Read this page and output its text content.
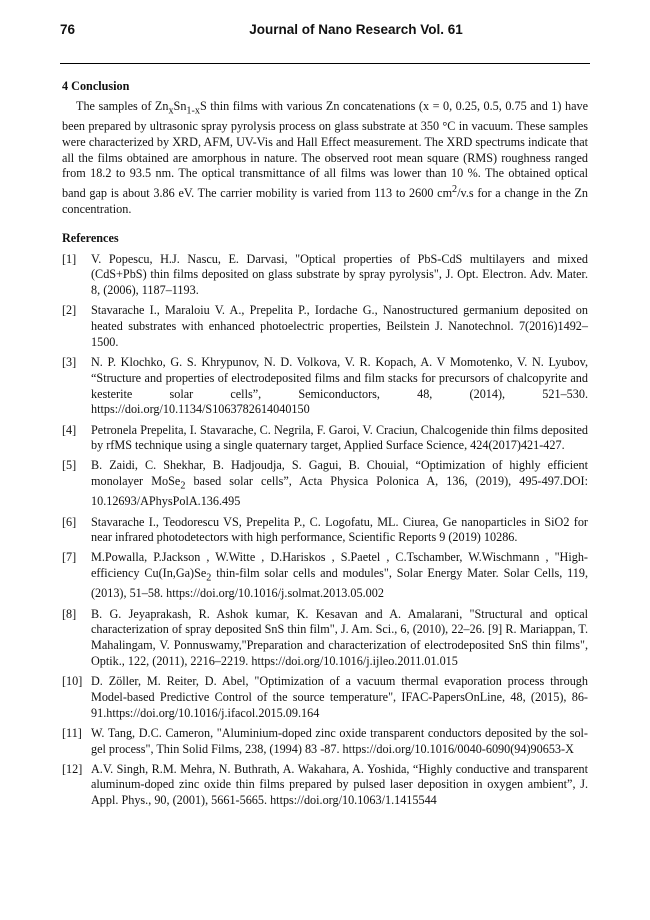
76	Journal of Nano Research Vol. 61
4 Conclusion

The samples of $Zn_xSn_{1-x}S$ thin films with various Zn concatenations (x = 0, 0.25, 0.5, 0.75 and 1) have been prepared by ultrasonic spray pyrolysis process on glass substrate at 350 °C in vacuum. These samples were characterized by XRD, AFM, UV-Vis and Hall Effect measurement. The XRD spectrums indicate that all the films obtained are amorphous in nature. The observed root mean square (RMS) roughness ranged from 18.2 to 93.5 nm. The optical transmittance of all films was lower than 10 %. The obtained optical band gap is about 3.86 eV. The carrier mobility is varied from 113 to 2600 $cm^2/v.s$ for a change in the Zn concentration.

References
[1] V. Popescu, H.J. Nascu, E. Darvasi, "Optical properties of PbS-CdS multilayers and mixed (CdS+PbS) thin films deposited on glass substrate by spray pyrolysis", J. Opt. Electron. Adv. Mater. 8, (2006), 1187–1193.
[2] Stavarache I., Maraloiu V. A., Prepelita P., Iordache G., Nanostructured germanium deposited on heated substrates with enhanced photoelectric properties, Beilstein J. Nanotechnol. 7(2016)1492–1500.
[3] N. P. Klochko, G. S. Khrypunov, N. D. Volkova, V. R. Kopach, A. V Momotenko, V. N. Lyubov, “Structure and properties of electrodeposited films and film stacks for precursors of chalcopyrite and kesterite solar cells”, Semiconductors, 48, (2014), 521–530. https://doi.org/10.1134/S1063782614040150
[4] Petronela Prepelita, I. Stavarache, C. Negrila, F. Garoi, V. Craciun, Chalcogenide thin films deposited by rfMS technique using a single quaternary target, Applied Surface Science, 424(2017)421-427.
[5] B. Zaidi, C. Shekhar, B. Hadjoudja, S. Gagui, B. Chouial, “Optimization of highly efficient monolayer MoSe$_2$ based solar cells”, Acta Physica Polonica A, 136, (2019), 495-497.DOI: 10.12693/APhysPolA.136.495
[6] Stavarache I., Teodorescu VS, Prepelita P., C. Logofatu, ML. Ciurea, Ge nanoparticles in SiO2 for near infrared photodetectors with high performance, Scientific Reports 9 (2019) 10286.
[7] M.Powalla, P.Jackson , W.Witte , D.Hariskos , S.Paetel , C.Tschamber, W.Wischmann , "High-efficiency $Cu(In,Ga)Se_2$ thin-film solar cells and modules", Solar Energy Mater. Solar Cells, 119, (2013), 51–58. https://doi.org/10.1016/j.solmat.2013.05.002
[8] B. G. Jeyaprakash, R. Ashok kumar, K. Kesavan and A. Amalarani, "Structural and optical characterization of spray deposited SnS thin film", J. Am. Sci., 6, (2010), 22–26. [9] R. Mariappan, T. Mahalingam, V. Ponnuswamy,"Preparation and characterization of electrodeposited SnS thin films", Optik., 122, (2011), 2216–2219. https://doi.org/10.1016/j.ijleo.2011.01.015
[10] D. Zöller, M. Reiter, D. Abel, "Optimization of a vacuum thermal evaporation process through Model-based Predictive Control of the source temperature", IFAC-PapersOnLine, 48, (2015), 86-91.https://doi.org/10.1016/j.ifacol.2015.09.164
[11] W. Tang, D.C. Cameron, "Aluminium-doped zinc oxide transparent conductors deposited by the sol-gel process", Thin Solid Films, 238, (1994) 83 -87. https://doi.org/10.1016/0040-6090(94)90653-X
[12] A.V. Singh, R.M. Mehra, N. Buthrath, A. Wakahara, A. Yoshida, “Highly conductive and transparent aluminum-doped zinc oxide thin films prepared by pulsed laser deposition in oxygen ambient”, J. Appl. Phys., 90, (2001), 5661-5665. https://doi.org/10.1063/1.1415544
